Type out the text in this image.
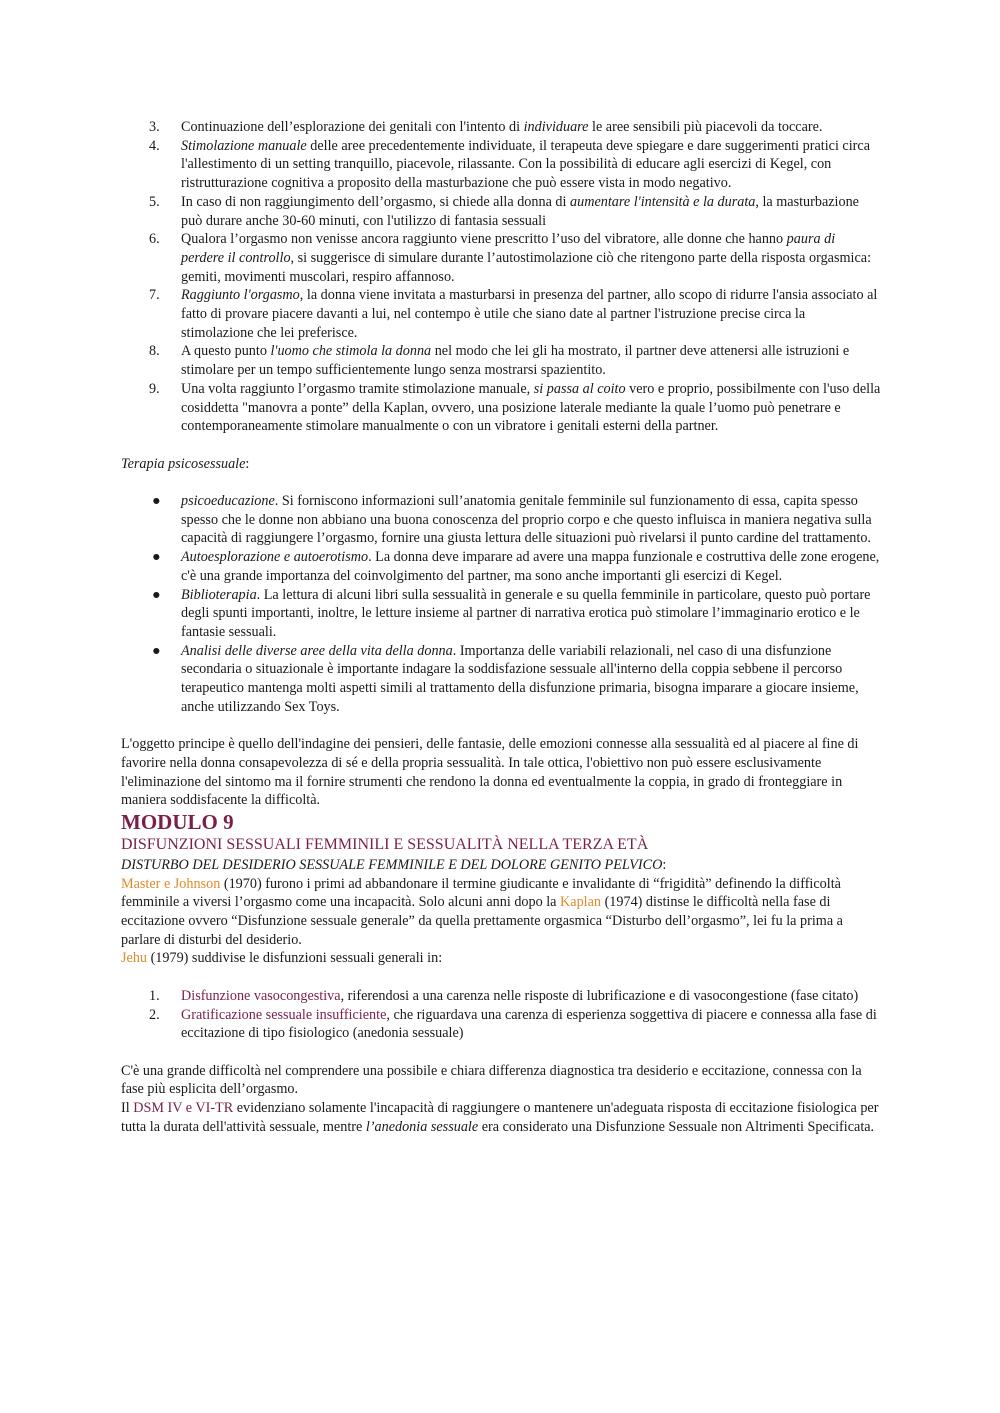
3. Continuazione dell’esplorazione dei genitali con l'intento di individuare le aree sensibili più piacevoli da toccare.
4. Stimolazione manuale delle aree precedentemente individuate, il terapeuta deve spiegare e dare suggerimenti pratici circa l'allestimento di un setting tranquillo, piacevole, rilassante. Con la possibilità di educare agli esercizi di Kegel, con ristrutturazione cognitiva a proposito della masturbazione che può essere vista in modo negativo.
5. In caso di non raggiungimento dell’orgasmo, si chiede alla donna di aumentare l'intensità e la durata, la masturbazione può durare anche 30-60 minuti, con l'utilizzo di fantasia sessuali
6. Qualora l’orgasmo non venisse ancora raggiunto viene prescritto l’uso del vibratore, alle donne che hanno paura di perdere il controllo, si suggerisce di simulare durante l’autostimolazione ciò che ritengono parte della risposta orgasmica: gemiti, movimenti muscolari, respiro affannoso.
7. Raggiunto l'orgasmo, la donna viene invitata a masturbarsi in presenza del partner, allo scopo di ridurre l'ansia associato al fatto di provare piacere davanti a lui, nel contempo è utile che siano date al partner l'istruzione precise circa la stimolazione che lei preferisce.
8. A questo punto l'uomo che stimola la donna nel modo che lei gli ha mostrato, il partner deve attenersi alle istruzioni e stimolare per un tempo sufficientemente lungo senza mostrarsi spazientito.
9. Una volta raggiunto l’orgasmo tramite stimolazione manuale, si passa al coito vero e proprio, possibilmente con l'uso della cosiddetta "manovra a ponte” della Kaplan, ovvero, una posizione laterale mediante la quale l’uomo può penetrare e contemporaneamente stimolare manualmente o con un vibratore i genitali esterni della partner.

Terapia psicosessuale:

● psicoeducazione. Si forniscono informazioni sull’anatomia genitale femminile sul funzionamento di essa, capita spesso spesso che le donne non abbiano una buona conoscenza del proprio corpo e che questo influisca in maniera negativa sulla capacità di raggiungere l’orgasmo, fornire una giusta lettura delle situazioni può rivelarsi il punto cardine del trattamento.
● Autoesplorazione e autoerotismo. La donna deve imparare ad avere una mappa funzionale e costruttiva delle zone erogene, c'è una grande importanza del coinvolgimento del partner, ma sono anche importanti gli esercizi di Kegel.
● Biblioterapia. La lettura di alcuni libri sulla sessualità in generale e su quella femminile in particolare, questo può portare degli spunti importanti, inoltre, le letture insieme al partner di narrativa erotica può stimolare l’immaginario erotico e le fantasie sessuali.
● Analisi delle diverse aree della vita della donna. Importanza delle variabili relazionali, nel caso di una disfunzione secondaria o situazionale è importante indagare la soddisfazione sessuale all'interno della coppia sebbene il percorso terapeutico mantenga molti aspetti simili al trattamento della disfunzione primaria, bisogna imparare a giocare insieme, anche utilizzando Sex Toys.

L'oggetto principe è quello dell'indagine dei pensieri, delle fantasie, delle emozioni connesse alla sessualità ed al piacere al fine di favorire nella donna consapevolezza di sé e della propria sessualità. In tale ottica, l'obiettivo non può essere esclusivamente l'eliminazione del sintomo ma il fornire strumenti che rendono la donna ed eventualmente la coppia, in grado di fronteggiare in maniera soddisfacente la difficoltà.

MODULO 9
DISFUNZIONI SESSUALI FEMMINILI E SESSUALITÀ NELLA TERZA ETÀ

DISTURBO DEL DESIDERIO SESSUALE FEMMINILE E DEL DOLORE GENITO PELVICO:

Master e Johnson (1970) furono i primi ad abbandonare il termine giudicante e invalidante di “frigidità” definendo la difficoltà femminile a viversi l’orgasmo come una incapacità. Solo alcuni anni dopo la Kaplan (1974) distinse le difficoltà nella fase di eccitazione ovvero “Disfunzione sessuale generale” da quella prettamente orgasmica “Disturbo dell’orgasmo”, lei fu la prima a parlare di disturbi del desiderio.

Jehu (1979) suddivise le disfunzioni sessuali generali in:

1. Disfunzione vasocongestiva, riferendosi a una carenza nelle risposte di lubrificazione e di vasocongestione (fase citato)
2. Gratificazione sessuale insufficiente, che riguardava una carenza di esperienza soggettiva di piacere e connessa alla fase di eccitazione di tipo fisiologico (anedonia sessuale)

C'è una grande difficoltà nel comprendere una possibile e chiara differenza diagnostica tra desiderio e eccitazione, connessa con la fase più esplicita dell’orgasmo.

Il DSM IV e VI-TR evidenziano solamente l'incapacità di raggiungere o mantenere un'adeguata risposta di eccitazione fisiologica per tutta la durata dell'attività sessuale, mentre l’anedonia sessuale era considerato una Disfunzione Sessuale non Altrimenti Specificata.
